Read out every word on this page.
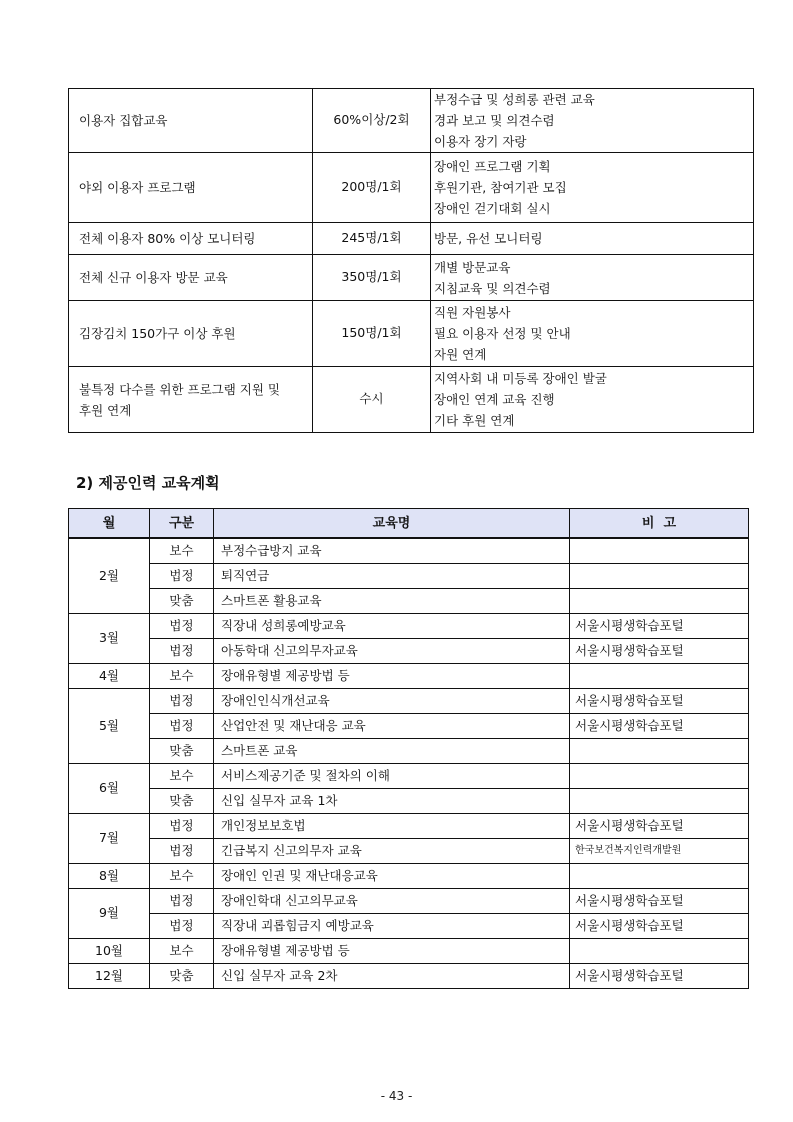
이용자 집합교육	60%이상/2회	부정수급 및 성희롱 관련 교육
경과 보고 및 의견수렴
이용자 장기 자랑

야외 이용자 프로그램	200명/1회	장애인 프로그램 기획
후원기관, 참여기관 모집
장애인 걷기대회 실시

전체 이용자 80% 이상 모니터링	245명/1회	방문, 유선 모니터링

전체 신규 이용자 방문 교육	350명/1회	개별 방문교육
지침교육 및 의견수렴

김장김치 150가구 이상 후원	150명/1회	직원 자원봉사
필요 이용자 선정 및 안내
자원 연계

불특정 다수를 위한 프로그램 지원 및
후원 연계	수시	지역사회 내 미등록 장애인 발굴
장애인 연계 교육 진행
기타 후원 연계
2) 제공인력 교육계획
월	구분	교육명	비  고
2월	보수	부정수급방지 교육	
	법정	퇴직연금	
	맞춤	스마트폰 활용교육	
3월	법정	직장내 성희롱예방교육	서울시평생학습포털
	법정	아동학대 신고의무자교육	서울시평생학습포털
4월	보수	장애유형별 제공방법 등	
5월	법정	장애인인식개선교육	서울시평생학습포털
	법정	산업안전 및 재난대응 교육	서울시평생학습포털
	맞춤	스마트폰 교육	
6월	보수	서비스제공기준 및 절차의 이해	
	맞춤	신입 실무자 교육 1차	
7월	법정	개인정보보호법	서울시평생학습포털
	법정	긴급복지 신고의무자 교육	한국보건복지인력개발원
8월	보수	장애인 인권 및 재난대응교육	
9월	법정	장애인학대 신고의무교육	서울시평생학습포털
	법정	직장내 괴롭힘금지 예방교육	서울시평생학습포털
10월	보수	장애유형별 제공방법 등	
12월	맞춤	신입 실무자 교육 2차	서울시평생학습포털
- 43 -
